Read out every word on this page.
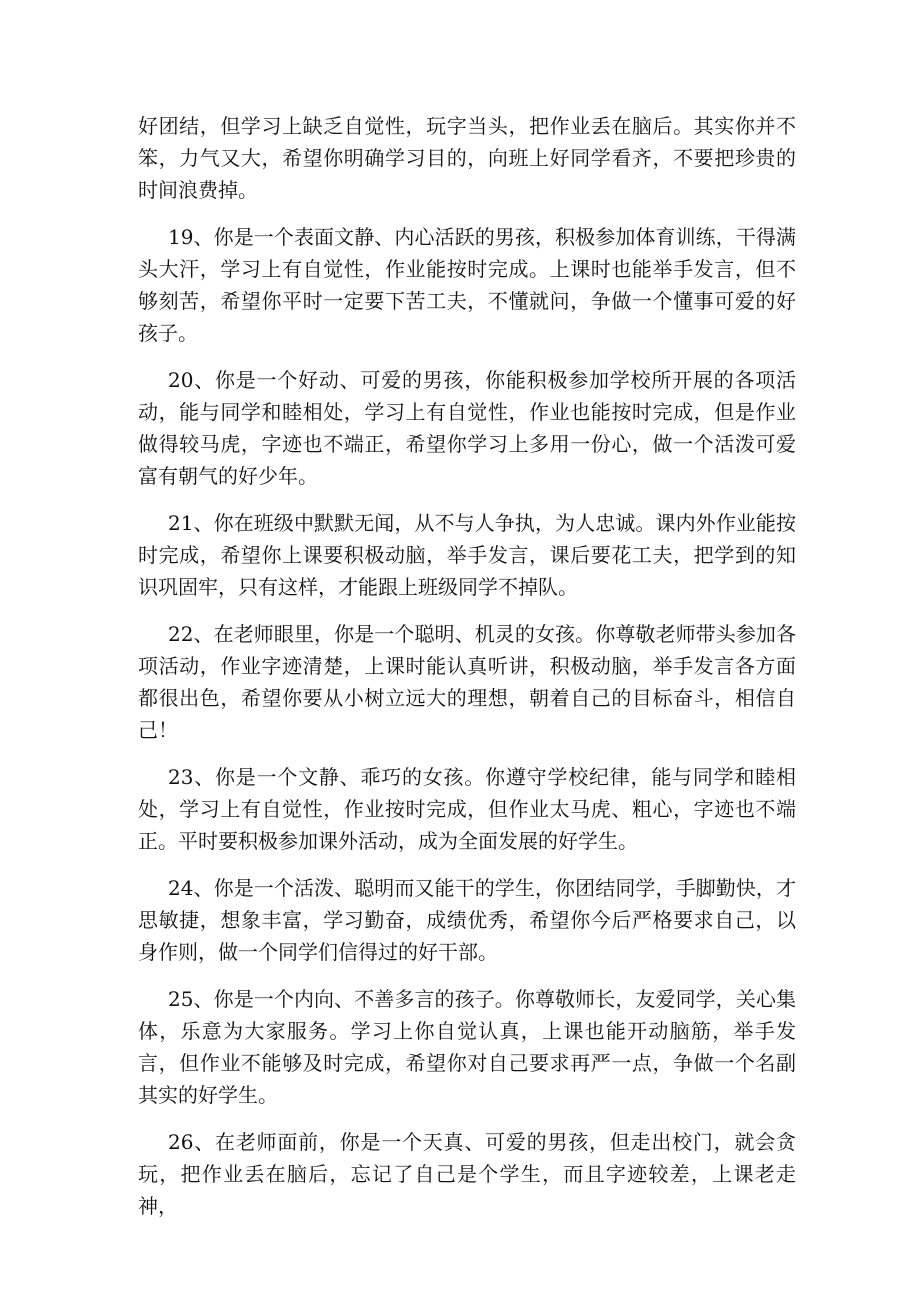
好团结，但学习上缺乏自觉性，玩字当头，把作业丢在脑后。其实你并不笨，力气又大，希望你明确学习目的，向班上好同学看齐，不要把珍贵的时间浪费掉。

19、你是一个表面文静、内心活跃的男孩，积极参加体育训练，干得满头大汗，学习上有自觉性，作业能按时完成。上课时也能举手发言，但不够刻苦，希望你平时一定要下苦工夫，不懂就问，争做一个懂事可爱的好孩子。

20、你是一个好动、可爱的男孩，你能积极参加学校所开展的各项活动，能与同学和睦相处，学习上有自觉性，作业也能按时完成，但是作业做得较马虎，字迹也不端正，希望你学习上多用一份心，做一个活泼可爱富有朝气的好少年。

21、你在班级中默默无闻，从不与人争执，为人忠诚。课内外作业能按时完成，希望你上课要积极动脑，举手发言，课后要花工夫，把学到的知识巩固牢，只有这样，才能跟上班级同学不掉队。

22、在老师眼里，你是一个聪明、机灵的女孩。你尊敬老师带头参加各项活动，作业字迹清楚，上课时能认真听讲，积极动脑，举手发言各方面都很出色，希望你要从小树立远大的理想，朝着自己的目标奋斗，相信自己！

23、你是一个文静、乖巧的女孩。你遵守学校纪律，能与同学和睦相处，学习上有自觉性，作业按时完成，但作业太马虎、粗心，字迹也不端正。平时要积极参加课外活动，成为全面发展的好学生。

24、你是一个活泼、聪明而又能干的学生，你团结同学，手脚勤快，才思敏捷，想象丰富，学习勤奋，成绩优秀，希望你今后严格要求自己，以身作则，做一个同学们信得过的好干部。

25、你是一个内向、不善多言的孩子。你尊敬师长，友爱同学，关心集体，乐意为大家服务。学习上你自觉认真，上课也能开动脑筋，举手发言，但作业不能够及时完成，希望你对自己要求再严一点，争做一个名副其实的好学生。

26、在老师面前，你是一个天真、可爱的男孩，但走出校门，就会贪玩，把作业丢在脑后，忘记了自己是个学生，而且字迹较差，上课老走神，
